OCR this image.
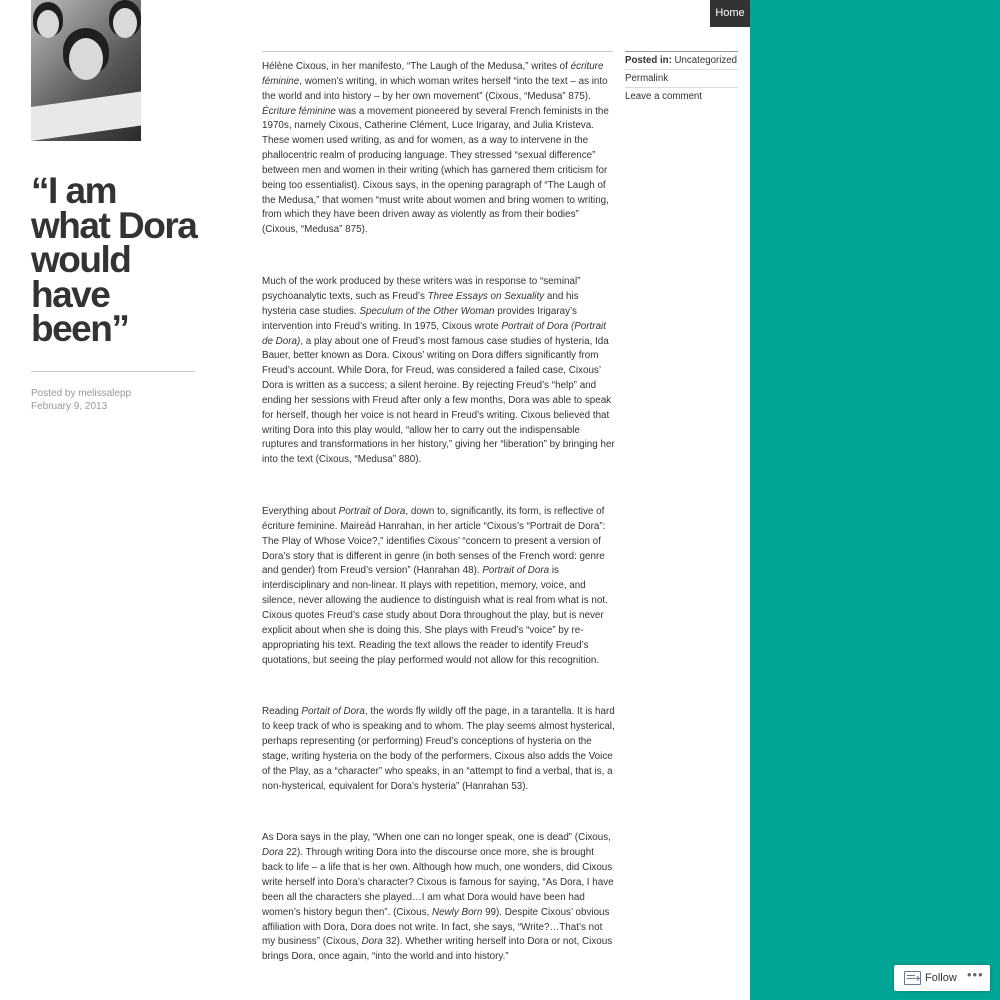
Home
“I am what Dora would have been”
Posted by melissalepp
February 9, 2013

Hélène Cixous, in her manifesto, “The Laugh of the Medusa,” writes of écriture féminine, women’s writing, in which woman writes herself “into the text – as into the world and into history – by her own movement” (Cixous, “Medusa” 875). Écriture féminine was a movement pioneered by several French feminists in the 1970s, namely Cixous, Catherine Clément, Luce Irigaray, and Julia Kristeva. These women used writing, as and for women, as a way to intervene in the phallocentric realm of producing language. They stressed “sexual difference” between men and women in their writing (which has garnered them criticism for being too essentialist). Cixous says, in the opening paragraph of “The Laugh of the Medusa,” that women “must write about women and bring women to writing, from which they have been driven away as violently as from their bodies” (Cixous, “Medusa” 875).

Much of the work produced by these writers was in response to “seminal” psychoanalytic texts, such as Freud’s Three Essays on Sexuality and his hysteria case studies. Speculum of the Other Woman provides Irigaray’s intervention into Freud’s writing. In 1975, Cixous wrote Portrait of Dora (Portrait de Dora), a play about one of Freud’s most famous case studies of hysteria, Ida Bauer, better known as Dora. Cixous’ writing on Dora differs significantly from Freud’s account. While Dora, for Freud, was considered a failed case, Cixous’ Dora is written as a success; a silent heroine. By rejecting Freud’s “help” and ending her sessions with Freud after only a few months, Dora was able to speak for herself, though her voice is not heard in Freud’s writing. Cixous believed that writing Dora into this play would, “allow her to carry out the indispensable ruptures and transformations in her history,” giving her “liberation” by bringing her into the text (Cixous, “Medusa” 880).

Everything about Portrait of Dora, down to, significantly, its form, is reflective of écriture feminine. Maireád Hanrahan, in her article “Cixous’s “Portrait de Dora”: The Play of Whose Voice?,” identifies Cixous’ “concern to present a version of Dora’s story that is different in genre (in both senses of the French word: genre and gender) from Freud’s version” (Hanrahan 48). Portrait of Dora is interdisciplinary and non-linear. It plays with repetition, memory, voice, and silence, never allowing the audience to distinguish what is real from what is not. Cixous quotes Freud’s case study about Dora throughout the play, but is never explicit about when she is doing this. She plays with Freud’s “voice” by re-appropriating his text. Reading the text allows the reader to identify Freud’s quotations, but seeing the play performed would not allow for this recognition.

Reading Portait of Dora, the words fly wildly off the page, in a tarantella. It is hard to keep track of who is speaking and to whom. The play seems almost hysterical, perhaps representing (or performing) Freud’s conceptions of hysteria on the stage, writing hysteria on the body of the performers. Cixous also adds the Voice of the Play, as a “character” who speaks, in an “attempt to find a verbal, that is, a non-hysterical, equivalent for Dora’s hysteria” (Hanrahan 53).

As Dora says in the play, “When one can no longer speak, one is dead” (Cixous, Dora 22). Through writing Dora into the discourse once more, she is brought back to life – a life that is her own. Although how much, one wonders, did Cixous write herself into Dora’s character? Cixous is famous for saying, “As Dora, I have been all the characters she played…I am what Dora would have been had women’s history begun then”. (Cixous, Newly Born 99). Despite Cixous’ obvious affiliation with Dora, Dora does not write. In fact, she says, “Write?…That’s not my business” (Cixous, Dora 32). Whether writing herself into Dora or not, Cixous brings Dora, once again, “into the world and into history.”

Posted in: Uncategorized
Permalink
Leave a comment
+
Follow •••
